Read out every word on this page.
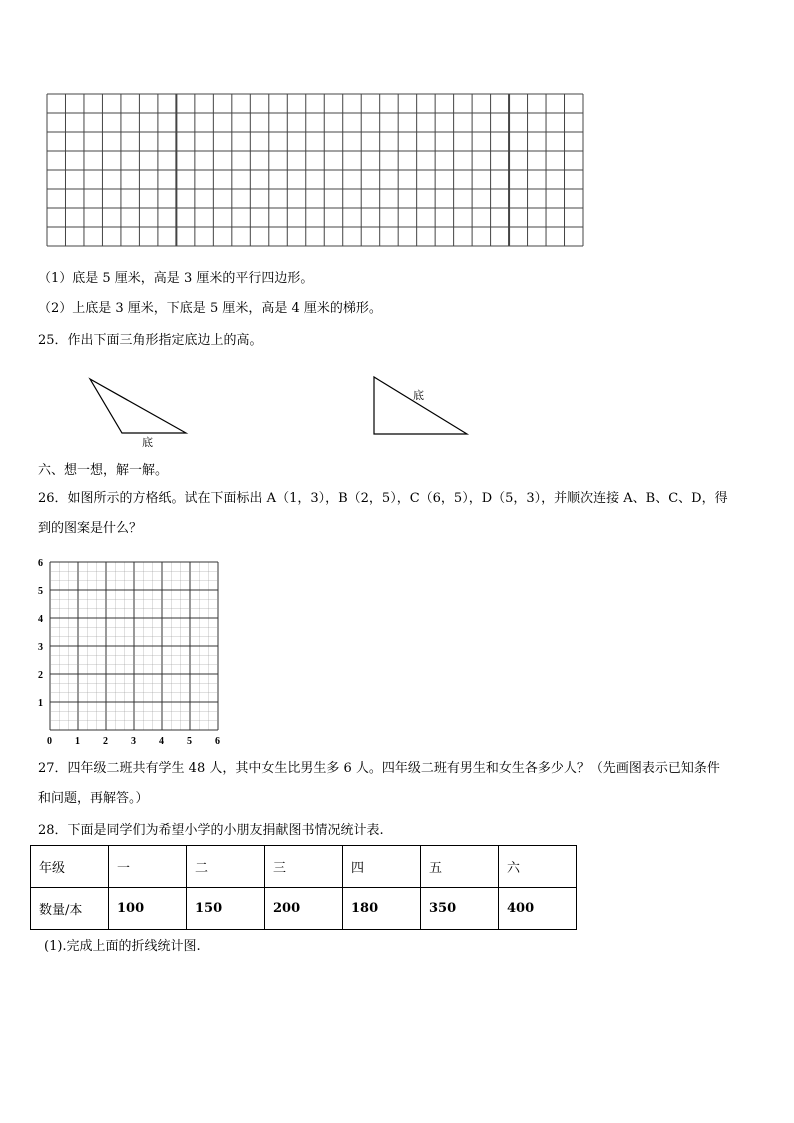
（1）底是 5 厘米，高是 3 厘米的平行四边形。
（2）上底是 3 厘米，下底是 5 厘米，高是 4 厘米的梯形。
25．作出下面三角形指定底边上的高。
底
底
六、想一想，解一解。
26．如图所示的方格纸。试在下面标出 A（1，3），B（2，5），C（6，5），D（5，3），并顺次连接 A、B、C、D，得
到的图案是什么？
0 1 2 3 4 5 6
1
2
3
4
5
6
27．四年级二班共有学生 48 人，其中女生比男生多 6 人。四年级二班有男生和女生各多少人？（先画图表示已知条件
和问题，再解答。）
28．下面是同学们为希望小学的小朋友捐献图书情况统计表.
年级	一	二	三	四	五	六
数量/本	100	150	200	180	350	400
(1).完成上面的折线统计图.
